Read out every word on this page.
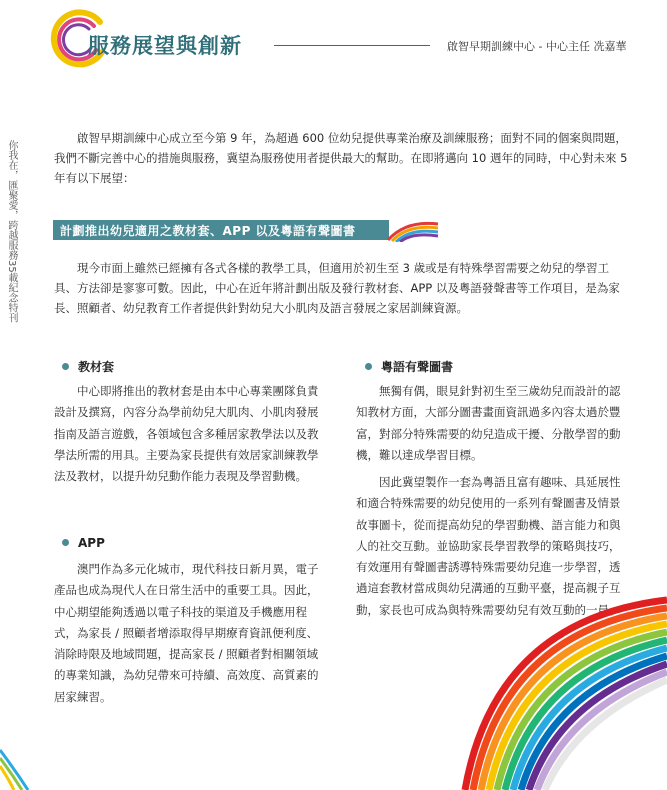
服務展望與創新	啟智早期訓練中心 - 中心主任 冼嘉華
你我在，匯聚愛，跨越服務35載紀念特刊

啟智早期訓練中心成立至今第 9 年，為超過 600 位幼兒提供專業治療及訓練服務；面對不同的個案與問題，我們不斷完善中心的措施與服務，冀望為服務使用者提供最大的幫助。在即將邁向 10 週年的同時，中心對未來 5 年有以下展望：

計劃推出幼兒適用之教材套、APP 以及粵語有聲圖書

現今市面上雖然已經擁有各式各樣的教學工具，但適用於初生至 3 歲或是有特殊學習需要之幼兒的學習工具、方法卻是寥寥可數。因此，中心在近年將計劃出版及發行教材套、APP 以及粵語發聲書等工作項目，是為家長、照顧者、幼兒教育工作者提供針對幼兒大小肌肉及語言發展之家居訓練資源。

教材套

中心即將推出的教材套是由本中心專業團隊負責設計及撰寫，內容分為學前幼兒大肌肉、小肌肉發展指南及語言遊戲，各領域包含多種居家教學法以及教學法所需的用具。主要為家長提供有效居家訓練教學法及教材，以提升幼兒動作能力表現及學習動機。

APP

澳門作為多元化城市，現代科技日新月異，電子產品也成為現代人在日常生活中的重要工具。因此，中心期望能夠透過以電子科技的渠道及手機應用程式，為家長 / 照顧者增添取得早期療育資訊便利度、消除時限及地域問題，提高家長 / 照顧者對相關領域的專業知識，為幼兒帶來可持續、高效度、高質素的居家練習。

粵語有聲圖書

無獨有偶，眼見針對初生至三歲幼兒而設計的認知教材方面，大部分圖書畫面資訊過多內容太過於豐富，對部分特殊需要的幼兒造成干擾、分散學習的動機，難以達成學習目標。

因此冀望製作一套為粵語且富有趣味、具延展性和適合特殊需要的幼兒使用的一系列有聲圖書及情景故事圖卡，從而提高幼兒的學習動機、語言能力和與人的社交互動。並協助家長學習教學的策略與技巧，有效運用有聲圖書誘導特殊需要幼兒進一步學習，透過這套教材當成與幼兒溝通的互動平臺，提高親子互動，家長也可成為與特殊需要幼兒有效互動的一員。
